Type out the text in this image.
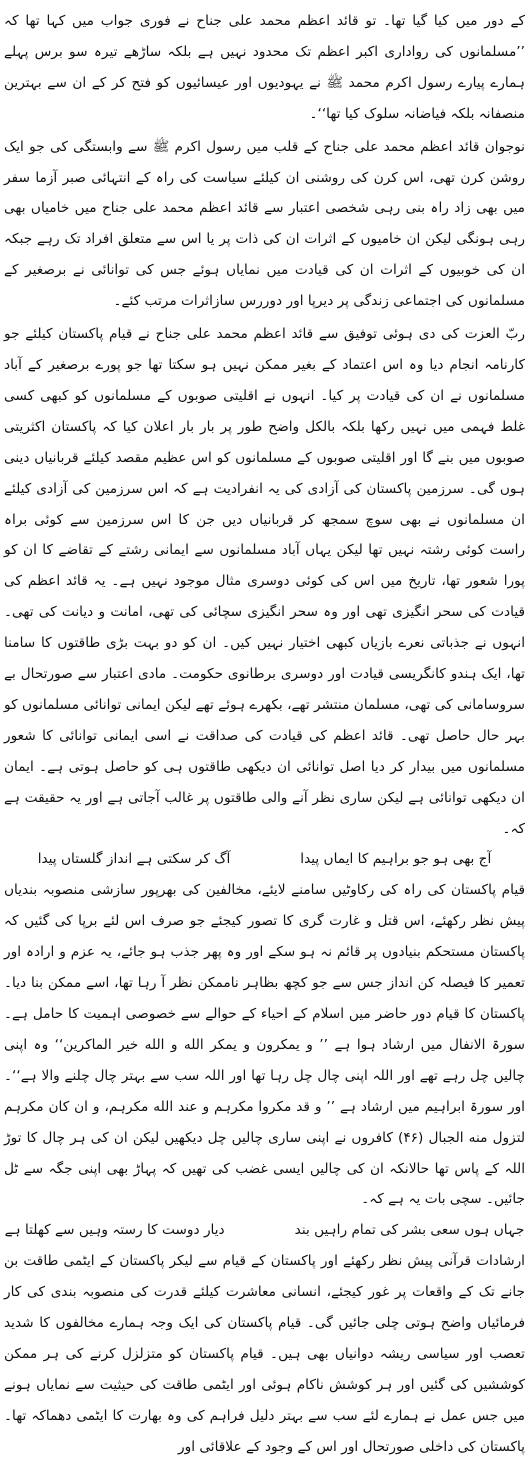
کے دور میں کیا گیا تھا۔ تو قائد اعظم محمد علی جناح نے فوری جواب میں کہا تھا کہ ’’مسلمانوں کی رواداری اکبر اعظم تک محدود نہیں ہے بلکہ ساڑھے تیرہ سو برس پہلے ہمارے پیارے رسول اکرم محمد ﷺ نے یہودیوں اور عیسائیوں کو فتح کر کے ان سے بہترین منصفانہ بلکہ فیاضانہ سلوک کیا تھا‘‘۔

نوجوان قائد اعظم محمد علی جناح کے قلب میں رسول اکرم ﷺ سے وابستگی کی جو ایک روشن کرن تھی، اس کرن کی روشنی ان کیلئے سیاست کی راہ کے انتہائی صبر آزما سفر میں بھی زاد راہ بنی رہی شخصی اعتبار سے قائد اعظم محمد علی جناح میں خامیاں بھی رہی ہونگی لیکن ان خامیوں کے اثرات ان کی ذات پر یا اس سے متعلق افراد تک رہے جبکہ ان کی خوبیوں کے اثرات ان کی قیادت میں نمایاں ہوئے جس کی توانائی نے برصغیر کے مسلمانوں کی اجتماعی زندگی پر دیرپا اور دوررس سازاثرات مرتب کئے۔

ربّ العزت کی دی ہوئی توفیق سے قائد اعظم محمد علی جناح نے قیام پاکستان کیلئے جو کارنامہ انجام دیا وہ اس اعتماد کے بغیر ممکن نہیں ہو سکتا تھا جو پورے برصغیر کے آباد مسلمانوں نے ان کی قیادت پر کیا۔ انہوں نے اقلیتی صوبوں کے مسلمانوں کو کبھی کسی غلط فہمی میں نہیں رکھا بلکہ بالکل واضح طور پر بار بار اعلان کیا کہ پاکستان اکثریتی صوبوں میں بنے گا اور اقلیتی صوبوں کے مسلمانوں کو اس عظیم مقصد کیلئے قربانیاں دینی ہوں گی۔ سرزمین پاکستان کی آزادی کی یہ انفرادیت ہے کہ اس سرزمین کی آزادی کیلئے ان مسلمانوں نے بھی سوچ سمجھ کر قربانیاں دیں جن کا اس سرزمین سے کوئی براہ راست کوئی رشتہ نہیں تھا لیکن یہاں آباد مسلمانوں سے ایمانی رشتے کے تقاضے کا ان کو پورا شعور تھا، تاریخ میں اس کی کوئی دوسری مثال موجود نہیں ہے۔ یہ قائد اعظم کی قیادت کی سحر انگیزی تھی اور وہ سحر انگیزی سچائی کی تھی، امانت و دیانت کی تھی۔ انہوں نے جذباتی نعرے بازیاں کبھی اختیار نہیں کیں۔ ان کو دو بہت بڑی طاقتوں کا سامنا تھا، ایک ہندو کانگریسی قیادت اور دوسری برطانوی حکومت۔ مادی اعتبار سے صورتحال بے سروسامانی کی تھی، مسلمان منتشر تھے، بکھرے ہوئے تھے لیکن ایمانی توانائی مسلمانوں کو بہر حال حاصل تھی۔ قائد اعظم کی قیادت کی صداقت نے اسی ایمانی توانائی کا شعور مسلمانوں میں بیدار کر دیا اصل توانائی ان دیکھی طاقتوں ہی کو حاصل ہوتی ہے۔ ایمان ان دیکھی توانائی ہے لیکن ساری نظر آنے والی طاقتوں پر غالب آجاتی ہے اور یہ حقیقت ہے کہ۔

آج بھی ہو جو براہیم کا ایماں پیدا
آگ کر سکتی ہے انداز گلستاں پیدا

قیام پاکستان کی راہ کی رکاوٹیں سامنے لایئے، مخالفین کی بھرپور سازشی منصوبہ بندیاں پیش نظر رکھئے، اس قتل و غارت گری کا تصور کیجئے جو صرف اس لئے برپا کی گئیں کہ پاکستان مستحکم بنیادوں پر قائم نہ ہو سکے اور وہ پھر جذب ہو جائے، یہ عزم و ارادہ اور تعمیر کا فیصلہ کن انداز جس سے جو کچھ بظاہر ناممکن نظر آ رہا تھا، اسے ممکن بنا دیا۔ پاکستان کا قیام دور حاضر میں اسلام کے احیاء کے حوالے سے خصوصی اہمیت کا حامل ہے۔ سورۃ الانفال میں ارشاد ہوا ہے ’’ و یمکرون و یمکر الله و الله خیر الماکرین‘‘ وہ اپنی چالیں چل رہے تھے اور اللہ اپنی چال چل رہا تھا اور اللہ سب سے بہتر چال چلنے والا ہے‘‘۔ اور سورۃ ابراہیم میں ارشاد ہے ’’ و قد مکروا مکرہم و عند الله مکرہم، و ان کان مکرہم لتزول منه الجبال (۴۶) کافروں نے اپنی ساری چالیں چل دیکھیں لیکن ان کی ہر چال کا توڑ اللہ کے پاس تھا حالانکہ ان کی چالیں ایسی غضب کی تھیں کہ پہاڑ بھی اپنی جگہ سے ٹل جائیں۔ سچی بات یہ ہے کہ۔

جہاں ہوں سعی بشر کی تمام راہیں بند
دیار دوست کا رستہ وہیں سے کھلتا ہے

ارشادات قرآنی پیش نظر رکھئے اور پاکستان کے قیام سے لیکر پاکستان کے ایٹمی طاقت بن جانے تک کے واقعات پر غور کیجئے، انسانی معاشرت کیلئے قدرت کی منصوبہ بندی کی کار فرمائیاں واضح ہوتی چلی جائیں گی۔ قیام پاکستان کی ایک وجہ ہمارے مخالفوں کا شدید تعصب اور سیاسی ریشہ دوانیاں بھی ہیں۔ قیام پاکستان کو متزلزل کرنے کی ہر ممکن کوششیں کی گئیں اور ہر کوشش ناکام ہوئی اور ایٹمی طاقت کی حیثیت سے نمایاں ہونے میں جس عمل نے ہمارے لئے سب سے بہتر دلیل فراہم کی وہ بھارت کا ایٹمی دھماکہ تھا۔ پاکستان کی داخلی صورتحال اور اس کے وجود کے علاقائی اور
